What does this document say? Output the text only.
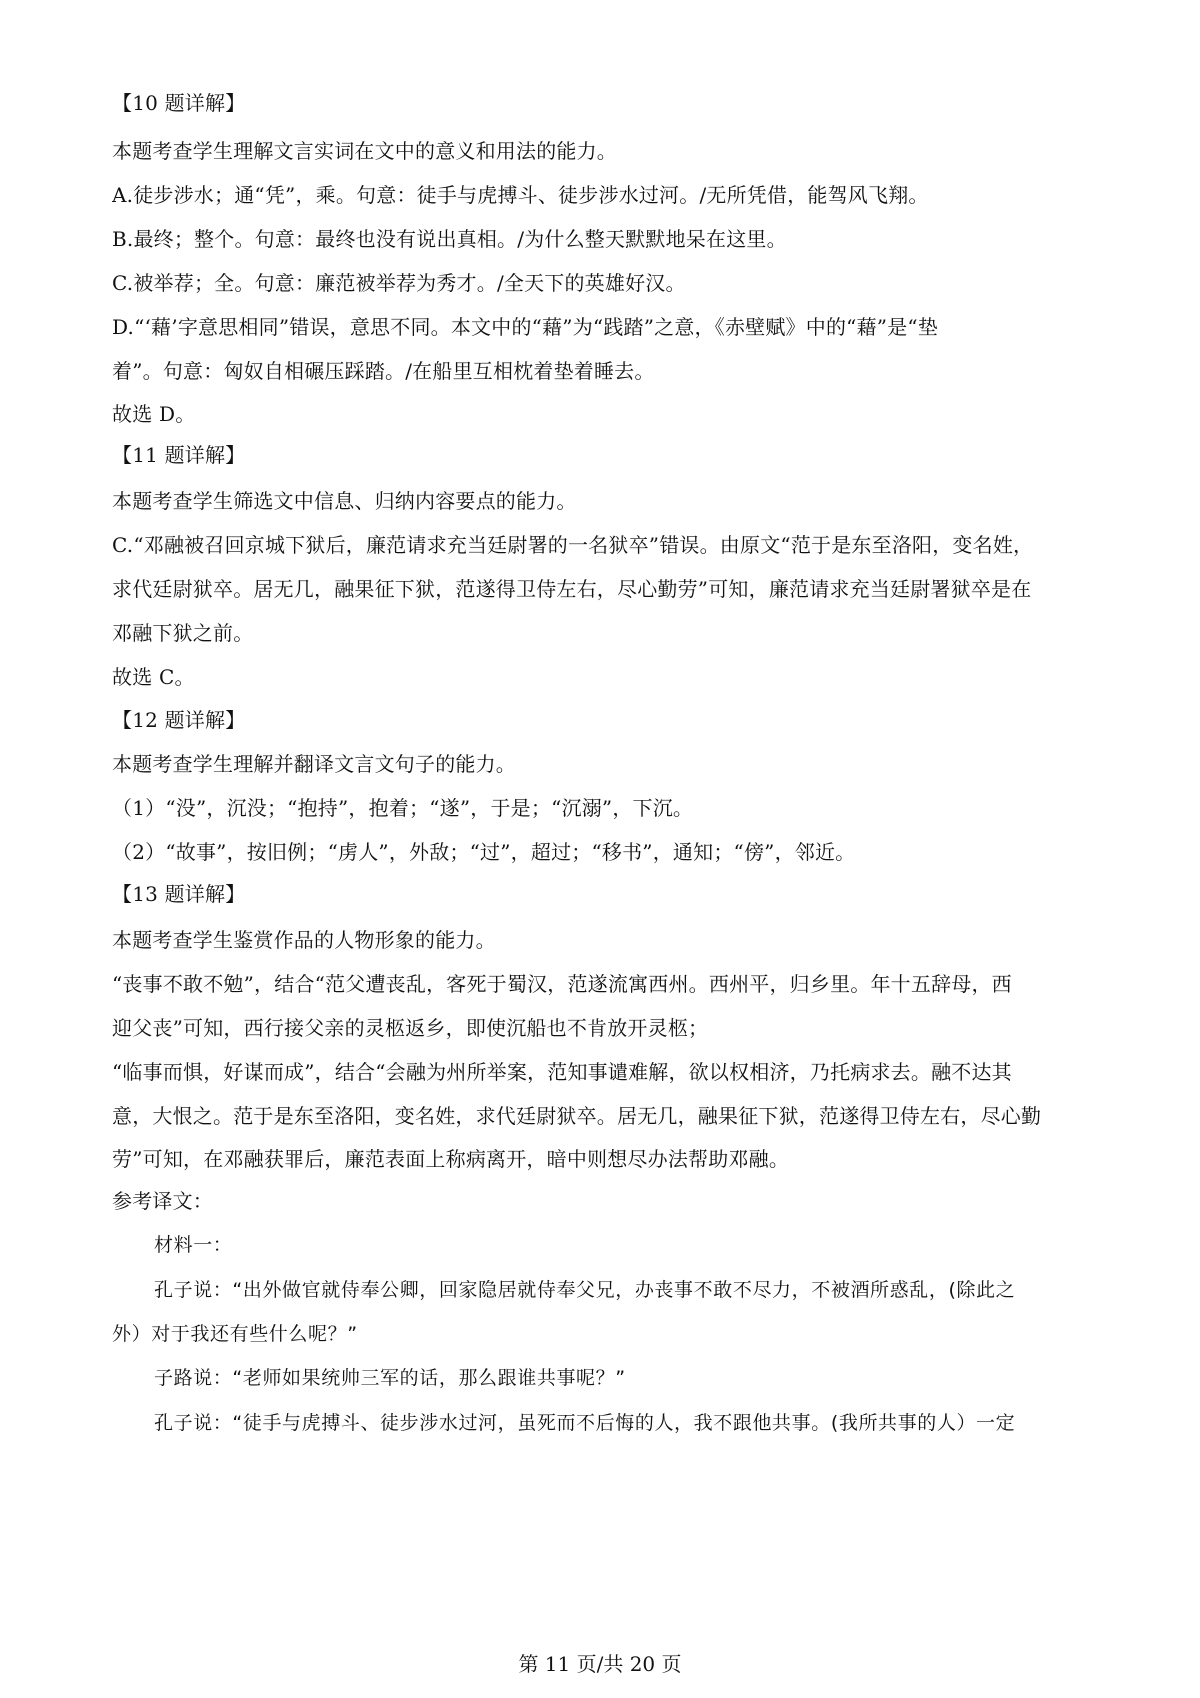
【10 题详解】
本题考查学生理解文言实词在文中的意义和用法的能力。
A.徒步涉水；通“凭”，乘。句意：徒手与虎搏斗、徒步涉水过河。/无所凭借，能驾风飞翔。
B.最终；整个。句意：最终也没有说出真相。/为什么整天默默地呆在这里。
C.被举荐；全。句意：廉范被举荐为秀才。/全天下的英雄好汉。
D.“‘藉’字意思相同”错误，意思不同。本文中的“藉”为“践踏”之意，《赤壁赋》中的“藉”是“垫
着”。句意：匈奴自相碾压踩踏。/在船里互相枕着垫着睡去。
故选 D。
【11 题详解】
本题考查学生筛选文中信息、归纳内容要点的能力。
C.“邓融被召回京城下狱后，廉范请求充当廷尉署的一名狱卒”错误。由原文“范于是东至洛阳，变名姓，
求代廷尉狱卒。居无几，融果征下狱，范遂得卫侍左右，尽心勤劳”可知，廉范请求充当廷尉署狱卒是在
邓融下狱之前。
故选 C。
【12 题详解】
本题考查学生理解并翻译文言文句子的能力。
（1）“没”，沉没；“抱持”，抱着；“遂”，于是；“沉溺”，下沉。
（2）“故事”，按旧例；“虏人”，外敌；“过”，超过；“移书”，通知；“傍”，邻近。
【13 题详解】
本题考查学生鉴赏作品的人物形象的能力。
“丧事不敢不勉”，结合“范父遭丧乱，客死于蜀汉，范遂流寓西州。西州平，归乡里。年十五辞母，西
迎父丧”可知，西行接父亲的灵柩返乡，即使沉船也不肯放开灵柩；
“临事而惧，好谋而成”，结合“会融为州所举案，范知事谴难解，欲以权相济，乃托病求去。融不达其
意，大恨之。范于是东至洛阳，变名姓，求代廷尉狱卒。居无几，融果征下狱，范遂得卫侍左右，尽心勤
劳”可知，在邓融获罪后，廉范表面上称病离开，暗中则想尽办法帮助邓融。
参考译文：
材料一：
孔子说：“出外做官就侍奉公卿，回家隐居就侍奉父兄，办丧事不敢不尽力，不被酒所惑乱，(除此之
外）对于我还有些什么呢？”
子路说：“老师如果统帅三军的话，那么跟谁共事呢？”
孔子说：“徒手与虎搏斗、徒步涉水过河，虽死而不后悔的人，我不跟他共事。(我所共事的人）一定
第 11 页/共 20 页
